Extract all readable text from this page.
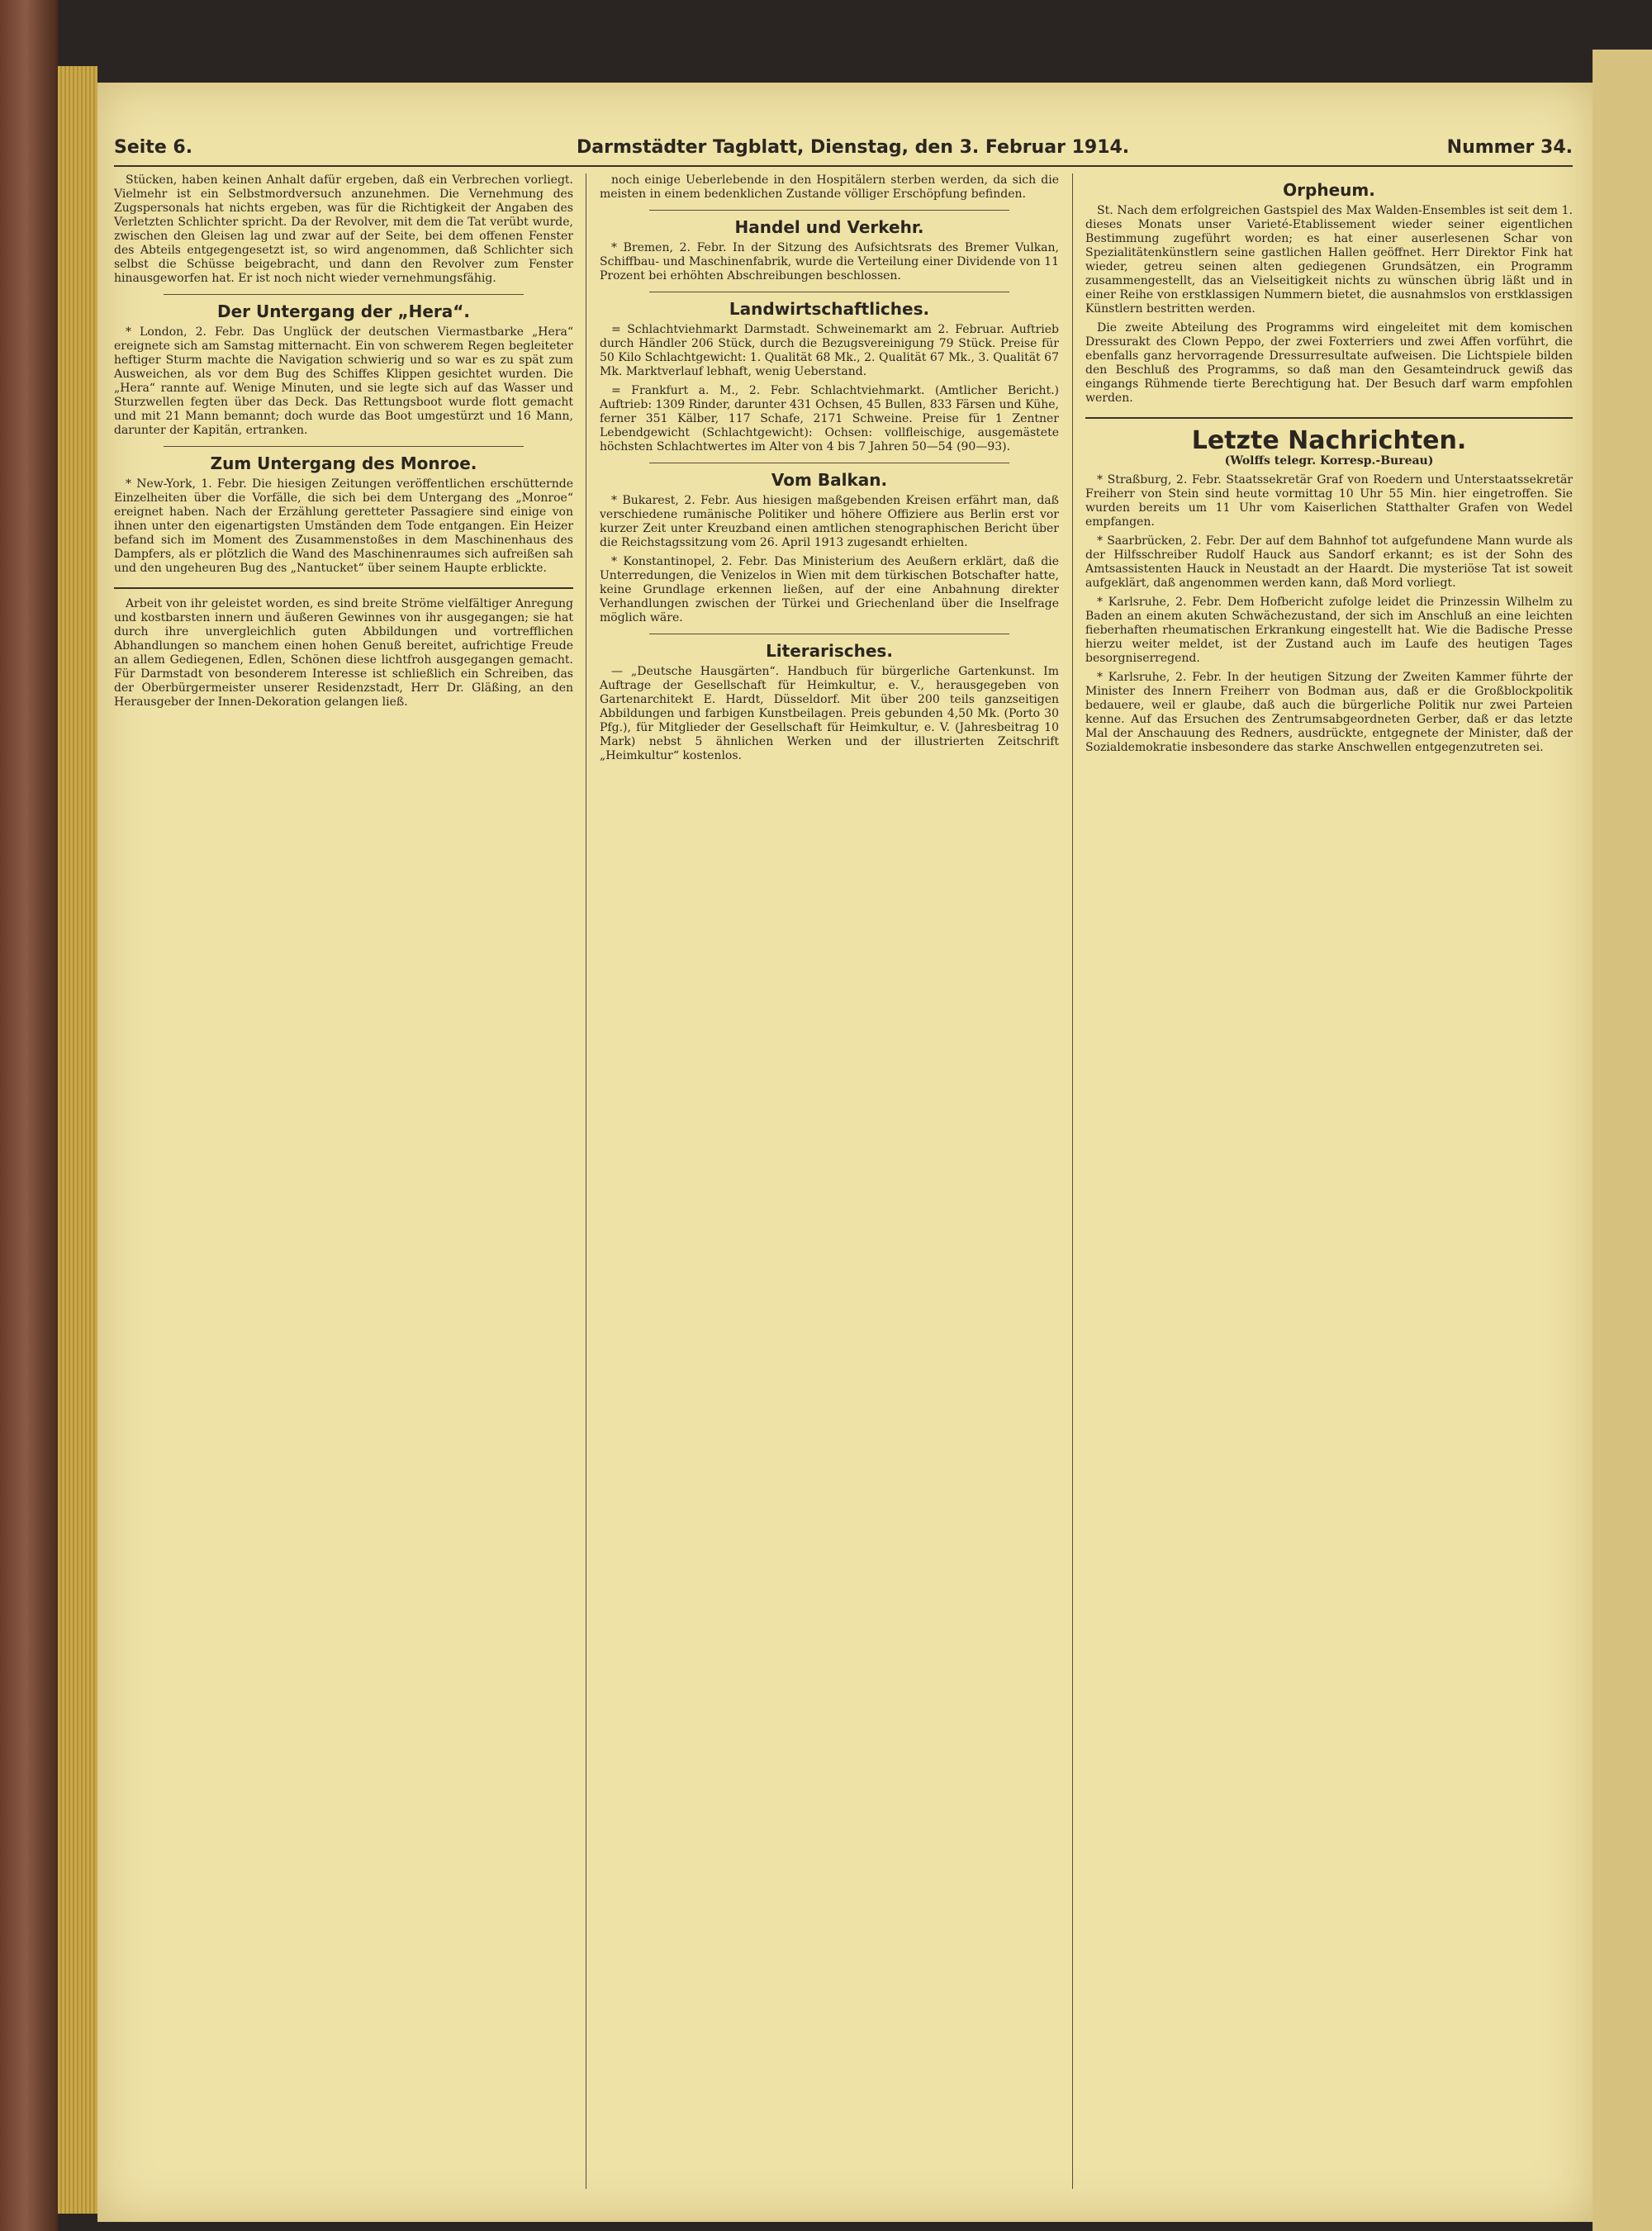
Seite 6.	Darmstädter Tagblatt, Dienstag, den 3. Februar 1914.	Nummer 34.

Stücken, haben keinen Anhalt dafür ergeben, daß ein Verbrechen vorliegt. Vielmehr ist ein Selbstmordversuch anzunehmen. Die Vernehmung des Zugspersonals hat nichts ergeben, was für die Richtigkeit der Angaben des Verletzten Schlichter spricht. Da der Revolver, mit dem die Tat verübt wurde, zwischen den Gleisen lag und zwar auf der Seite, bei dem offenen Fenster des Abteils entgegengesetzt ist, so wird angenommen, daß Schlichter sich selbst die Schüsse beigebracht, und dann den Revolver zum Fenster hinausgeworfen hat. Er ist noch nicht wieder vernehmungsfähig.

Der Untergang der „Hera“.

* London, 2. Febr. Das Unglück der deutschen Viermastbarke „Hera“ ereignete sich am Samstag mitternacht. Ein von schwerem Regen begleiteter heftiger Sturm machte die Navigation schwierig und so war es zu spät zum Ausweichen, als vor dem Bug des Schiffes Klippen gesichtet wurden. Die „Hera“ rannte auf. Wenige Minuten, und sie legte sich auf das Wasser und Sturzwellen fegten über das Deck. Das Rettungsboot wurde flott gemacht und mit 21 Mann bemannt; doch wurde das Boot umgestürzt und 16 Mann, darunter der Kapitän, ertranken.

Zum Untergang des Monroe.

* New-York, 1. Febr. Die hiesigen Zeitungen veröffentlichen erschütternde Einzelheiten über die Vorfälle, die sich bei dem Untergang des „Monroe“ ereignet haben. Nach der Erzählung geretteter Passagiere sind einige von ihnen unter den eigenartigsten Umständen dem Tode entgangen. Ein Heizer befand sich im Moment des Zusammenstoßes in dem Maschinenhaus des Dampfers, als er plötzlich die Wand des Maschinenraumes sich aufreißen sah und den ungeheuren Bug des „Nantucket“ über seinem Haupte erblickte.

Arbeit von ihr geleistet worden, es sind breite Ströme vielfältiger Anregung und kostbarsten innern und äußeren Gewinnes von ihr ausgegangen; sie hat durch ihre unvergleichlich guten Abbildungen und vortrefflichen Abhandlungen so manchem einen hohen Genuß bereitet, aufrichtige Freude an allem Gediegenen, Edlen, Schönen diese lichtfroh ausgegangen gemacht. Für Darmstadt von besonderem Interesse ist schließlich ein Schreiben, das der Oberbürgermeister unserer Residenzstadt, Herr Dr. Gläßing, an den Herausgeber der Innen-Dekoration gelangen ließ.

noch einige Ueberlebende in den Hospitälern sterben werden, da sich die meisten in einem bedenklichen Zustande völliger Erschöpfung befinden.

Handel und Verkehr.

* Bremen, 2. Febr. In der Sitzung des Aufsichtsrats des Bremer Vulkan, Schiffbau- und Maschinenfabrik, wurde die Verteilung einer Dividende von 11 Prozent bei erhöhten Abschreibungen beschlossen.

Landwirtschaftliches.

= Schlachtviehmarkt Darmstadt. Schweinemarkt am 2. Februar. Auftrieb durch Händler 206 Stück, durch die Bezugsvereinigung 79 Stück. Preise für 50 Kilo Schlachtgewicht: 1. Qualität 68 Mk., 2. Qualität 67 Mk., 3. Qualität 67 Mk. Marktverlauf lebhaft, wenig Ueberstand.

= Frankfurt a. M., 2. Febr. Schlachtviehmarkt. (Amtlicher Bericht.) Auftrieb: 1309 Rinder, darunter 431 Ochsen, 45 Bullen, 833 Färsen und Kühe, ferner 351 Kälber, 117 Schafe, 2171 Schweine. Preise für 1 Zentner Lebendgewicht (Schlachtgewicht): Ochsen: vollfleischige, ausgemästete höchsten Schlachtwertes im Alter von 4 bis 7 Jahren 50—54 (90—93).

Vom Balkan.

* Bukarest, 2. Febr. Aus hiesigen maßgebenden Kreisen erfährt man, daß verschiedene rumänische Politiker und höhere Offiziere aus Berlin erst vor kurzer Zeit unter Kreuzband einen amtlichen stenographischen Bericht über die Reichstagssitzung vom 26. April 1913 zugesandt erhielten.

* Konstantinopel, 2. Febr. Das Ministerium des Aeußern erklärt, daß die Unterredungen, die Venizelos in Wien mit dem türkischen Botschafter hatte, keine Grundlage erkennen ließen, auf der eine Anbahnung direkter Verhandlungen zwischen der Türkei und Griechenland über die Inselfrage möglich wäre.

Literarisches.

— „Deutsche Hausgärten“. Handbuch für bürgerliche Gartenkunst. Im Auftrage der Gesellschaft für Heimkultur, e. V., herausgegeben von Gartenarchitekt E. Hardt, Düsseldorf. Mit über 200 teils ganzseitigen Abbildungen und farbigen Kunstbeilagen. Preis gebunden 4,50 Mk. (Porto 30 Pfg.), für Mitglieder der Gesellschaft für Heimkultur, e. V. (Jahresbeitrag 10 Mark) nebst 5 ähnlichen Werken und der illustrierten Zeitschrift „Heimkultur“ kostenlos.

Orpheum.

St. Nach dem erfolgreichen Gastspiel des Max Walden-Ensembles ist seit dem 1. dieses Monats unser Varieté-Etablissement wieder seiner eigentlichen Bestimmung zugeführt worden; es hat einer auserlesenen Schar von Spezialitätenkünstlern seine gastlichen Hallen geöffnet. Herr Direktor Fink hat wieder, getreu seinen alten gediegenen Grundsätzen, ein Programm zusammengestellt, das an Vielseitigkeit nichts zu wünschen übrig läßt und in einer Reihe von erstklassigen Nummern bietet, die ausnahmslos von erstklassigen Künstlern bestritten werden.

Die zweite Abteilung des Programms wird eingeleitet mit dem komischen Dressurakt des Clown Peppo, der zwei Foxterriers und zwei Affen vorführt, die ebenfalls ganz hervorragende Dressurresultate aufweisen. Die Lichtspiele bilden den Beschluß des Programms, so daß man den Gesamteindruck gewiß das eingangs Rühmende tierte Berechtigung hat. Der Besuch darf warm empfohlen werden.

Letzte Nachrichten.
(Wolffs telegr. Korresp.-Bureau)

* Straßburg, 2. Febr. Staatssekretär Graf von Roedern und Unterstaatssekretär Freiherr von Stein sind heute vormittag 10 Uhr 55 Min. hier eingetroffen. Sie wurden bereits um 11 Uhr vom Kaiserlichen Statthalter Grafen von Wedel empfangen.

* Saarbrücken, 2. Febr. Der auf dem Bahnhof tot aufgefundene Mann wurde als der Hilfsschreiber Rudolf Hauck aus Sandorf erkannt; es ist der Sohn des Amtsassistenten Hauck in Neustadt an der Haardt. Die mysteriöse Tat ist soweit aufgeklärt, daß angenommen werden kann, daß Mord vorliegt.

* Karlsruhe, 2. Febr. Dem Hofbericht zufolge leidet die Prinzessin Wilhelm zu Baden an einem akuten Schwächezustand, der sich im Anschluß an eine leichten fieberhaften rheumatischen Erkrankung eingestellt hat. Wie die Badische Presse hierzu weiter meldet, ist der Zustand auch im Laufe des heutigen Tages besorgniserregend.

* Karlsruhe, 2. Febr. In der heutigen Sitzung der Zweiten Kammer führte der Minister des Innern Freiherr von Bodman aus, daß er die Großblockpolitik bedauere, weil er glaube, daß auch die bürgerliche Politik nur zwei Parteien kenne. Auf das Ersuchen des Zentrumsabgeordneten Gerber, daß er das letzte Mal der Anschauung des Redners, ausdrückte, entgegnete der Minister, daß der Sozialdemokratie insbesondere das starke Anschwellen entgegenzutreten sei.
